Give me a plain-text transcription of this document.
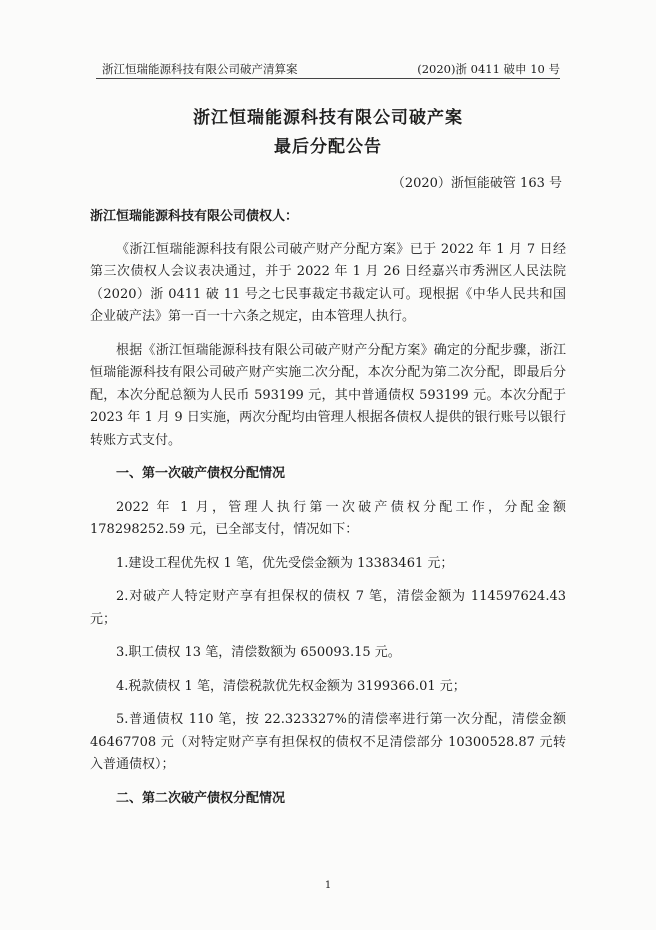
浙江恒瑞能源科技有限公司破产清算案	(2020)浙 0411 破申 10 号
浙江恒瑞能源科技有限公司破产案
最后分配公告
（2020）浙恒能破管 163 号

浙江恒瑞能源科技有限公司债权人：

《浙江恒瑞能源科技有限公司破产财产分配方案》已于 2022 年 1 月 7 日经第三次债权人会议表决通过，并于 2022 年 1 月 26 日经嘉兴市秀洲区人民法院（2020）浙 0411 破 11 号之七民事裁定书裁定认可。现根据《中华人民共和国企业破产法》第一百一十六条之规定，由本管理人执行。

根据《浙江恒瑞能源科技有限公司破产财产分配方案》确定的分配步骤，浙江恒瑞能源科技有限公司破产财产实施二次分配，本次分配为第二次分配，即最后分配，本次分配总额为人民币 593199 元，其中普通债权 593199 元。本次分配于 2023 年 1 月 9 日实施，两次分配均由管理人根据各债权人提供的银行账号以银行转账方式支付。

一、第一次破产债权分配情况

2022 年 1 月，管理人执行第一次破产债权分配工作，分配金额 178298252.59 元，已全部支付，情况如下：

1.建设工程优先权 1 笔，优先受偿金额为 13383461 元；

2.对破产人特定财产享有担保权的债权 7 笔，清偿金额为 114597624.43 元；

3.职工债权 13 笔，清偿数额为 650093.15 元。

4.税款债权 1 笔，清偿税款优先权金额为 3199366.01 元；

5.普通债权 110 笔，按 22.323327%的清偿率进行第一次分配，清偿金额 46467708 元（对特定财产享有担保权的债权不足清偿部分 10300528.87 元转入普通债权）；

二、第二次破产债权分配情况

1
